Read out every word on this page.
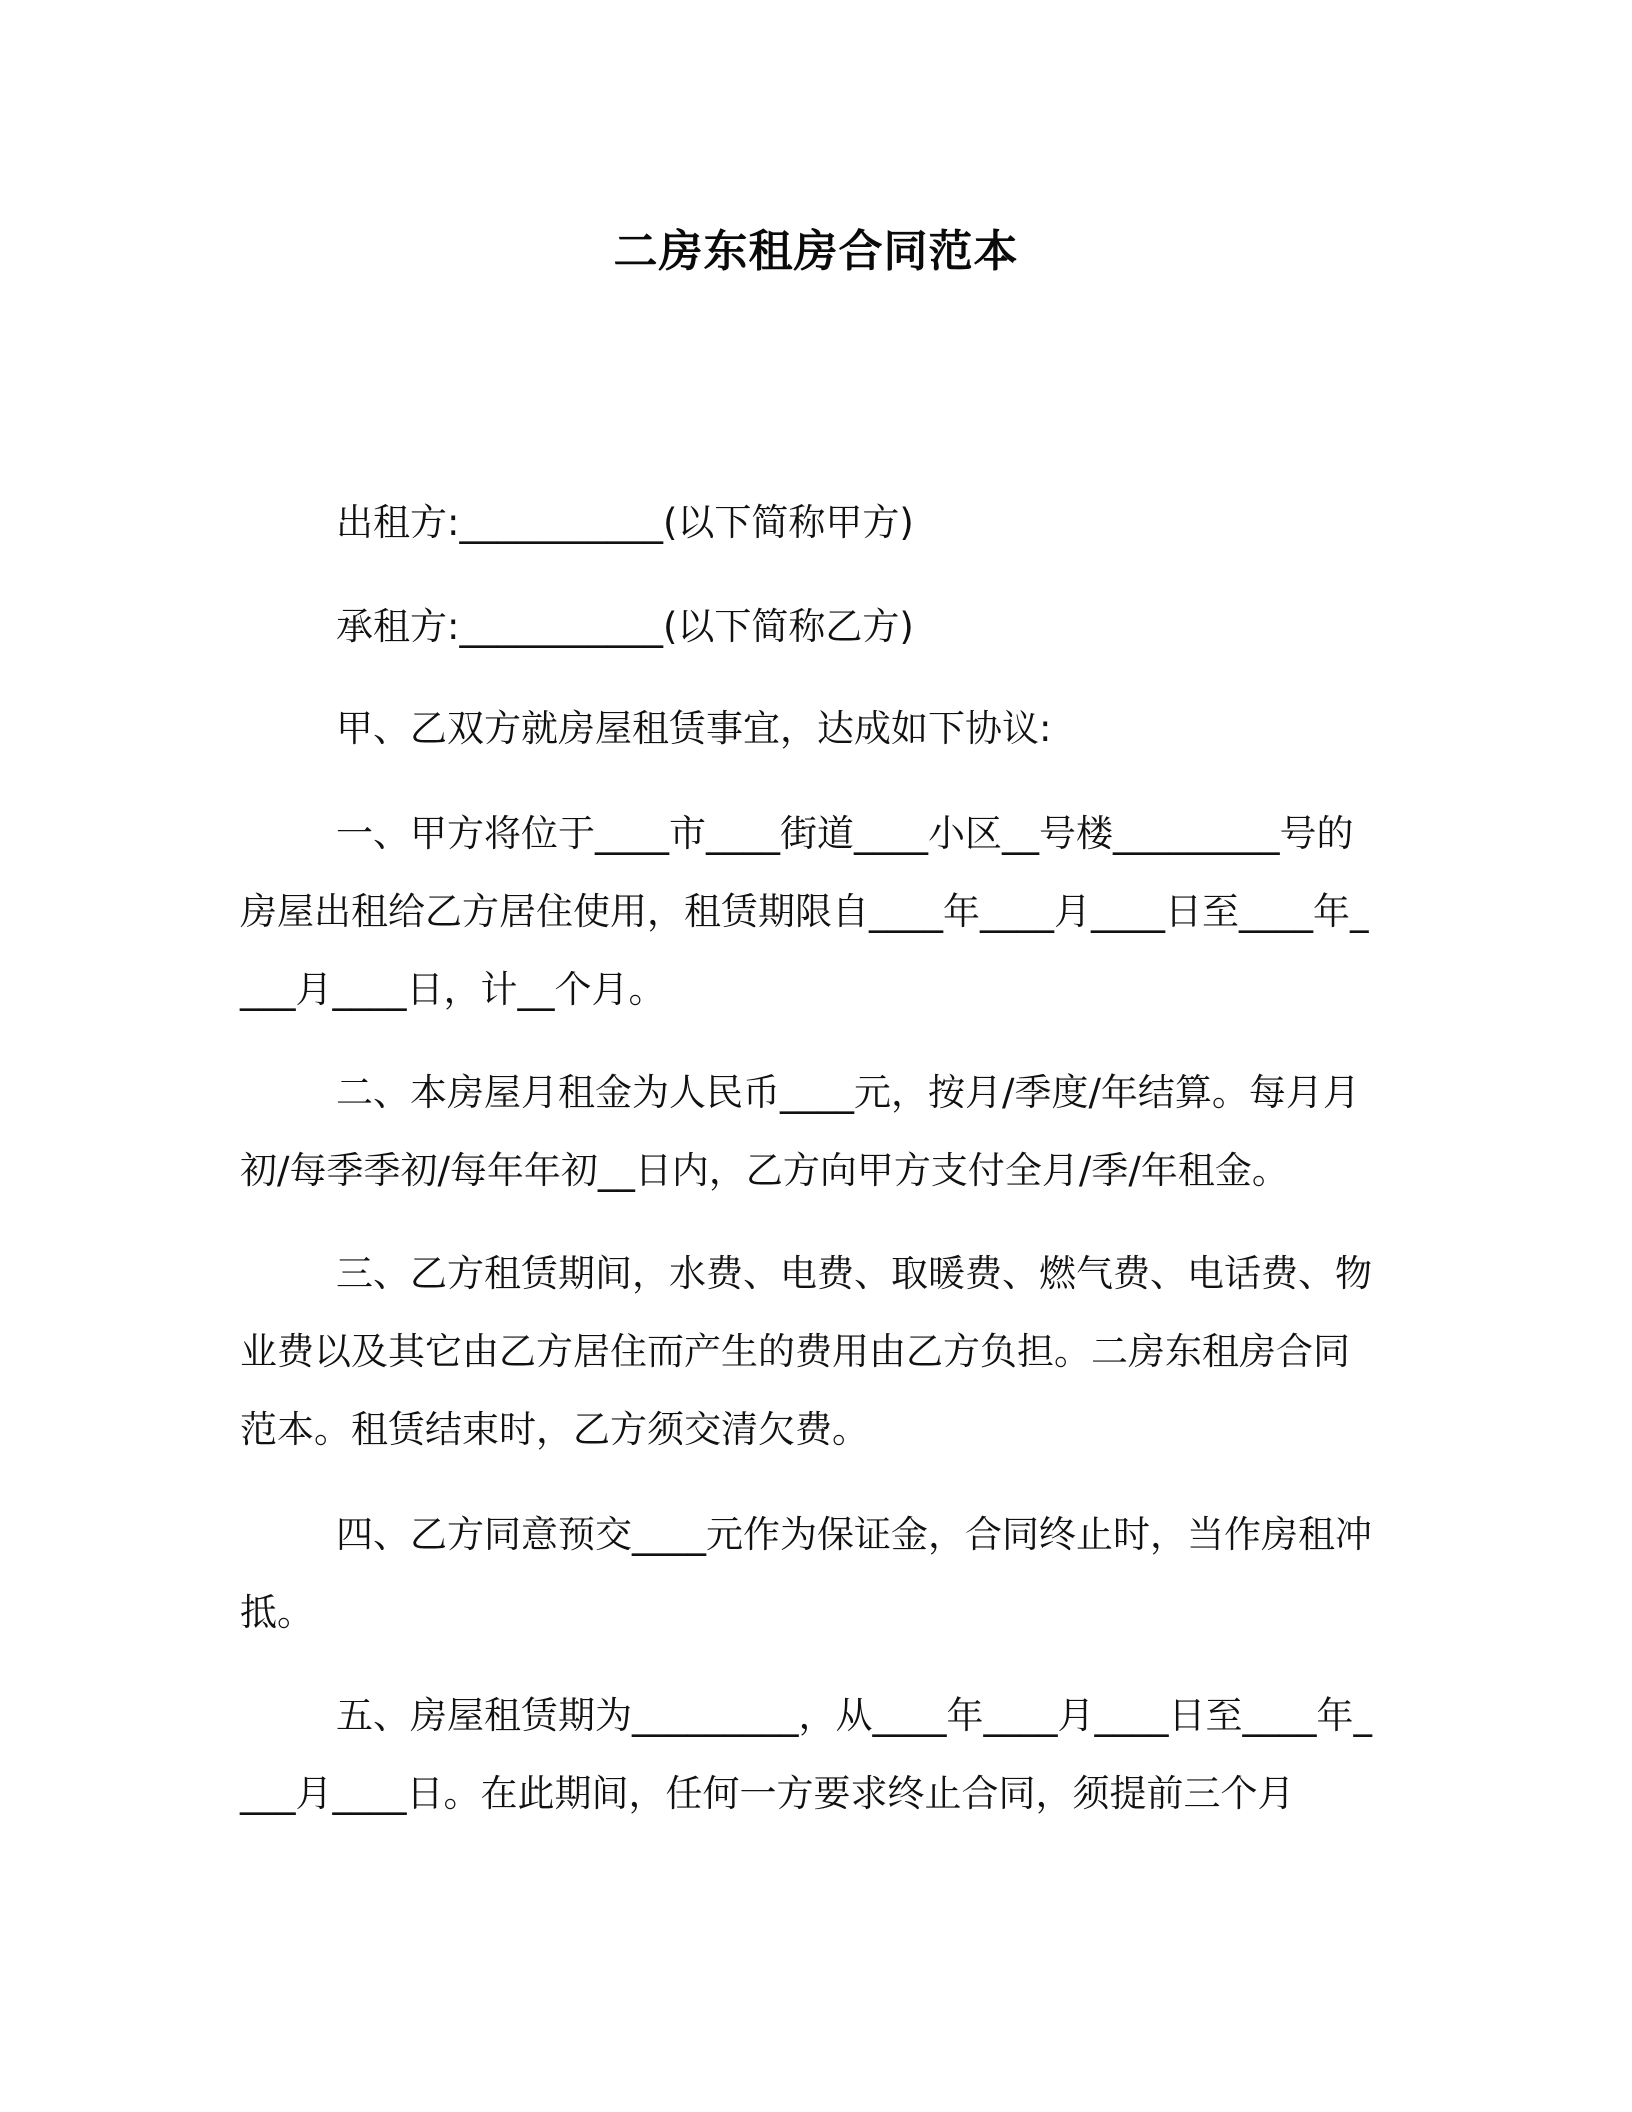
二房东租房合同范本
出租方:___________(以下简称甲方)
承租方:___________(以下简称乙方)
甲、乙双方就房屋租赁事宜，达成如下协议:
一、甲方将位于____市____街道____小区__号楼_________号的房屋出租给乙方居住使用，租赁期限自____年____月____日至____年____月____日，计__个月。
二、本房屋月租金为人民币____元，按月/季度/年结算。每月月初/每季季初/每年年初__日内，乙方向甲方支付全月/季/年租金。
三、乙方租赁期间，水费、电费、取暖费、燃气费、电话费、物业费以及其它由乙方居住而产生的费用由乙方负担。二房东租房合同范本。租赁结束时，乙方须交清欠费。
四、乙方同意预交____元作为保证金，合同终止时，当作房租冲抵。
五、房屋租赁期为_________，从____年____月____日至____年____月____日。在此期间，任何一方要求终止合同，须提前三个月
